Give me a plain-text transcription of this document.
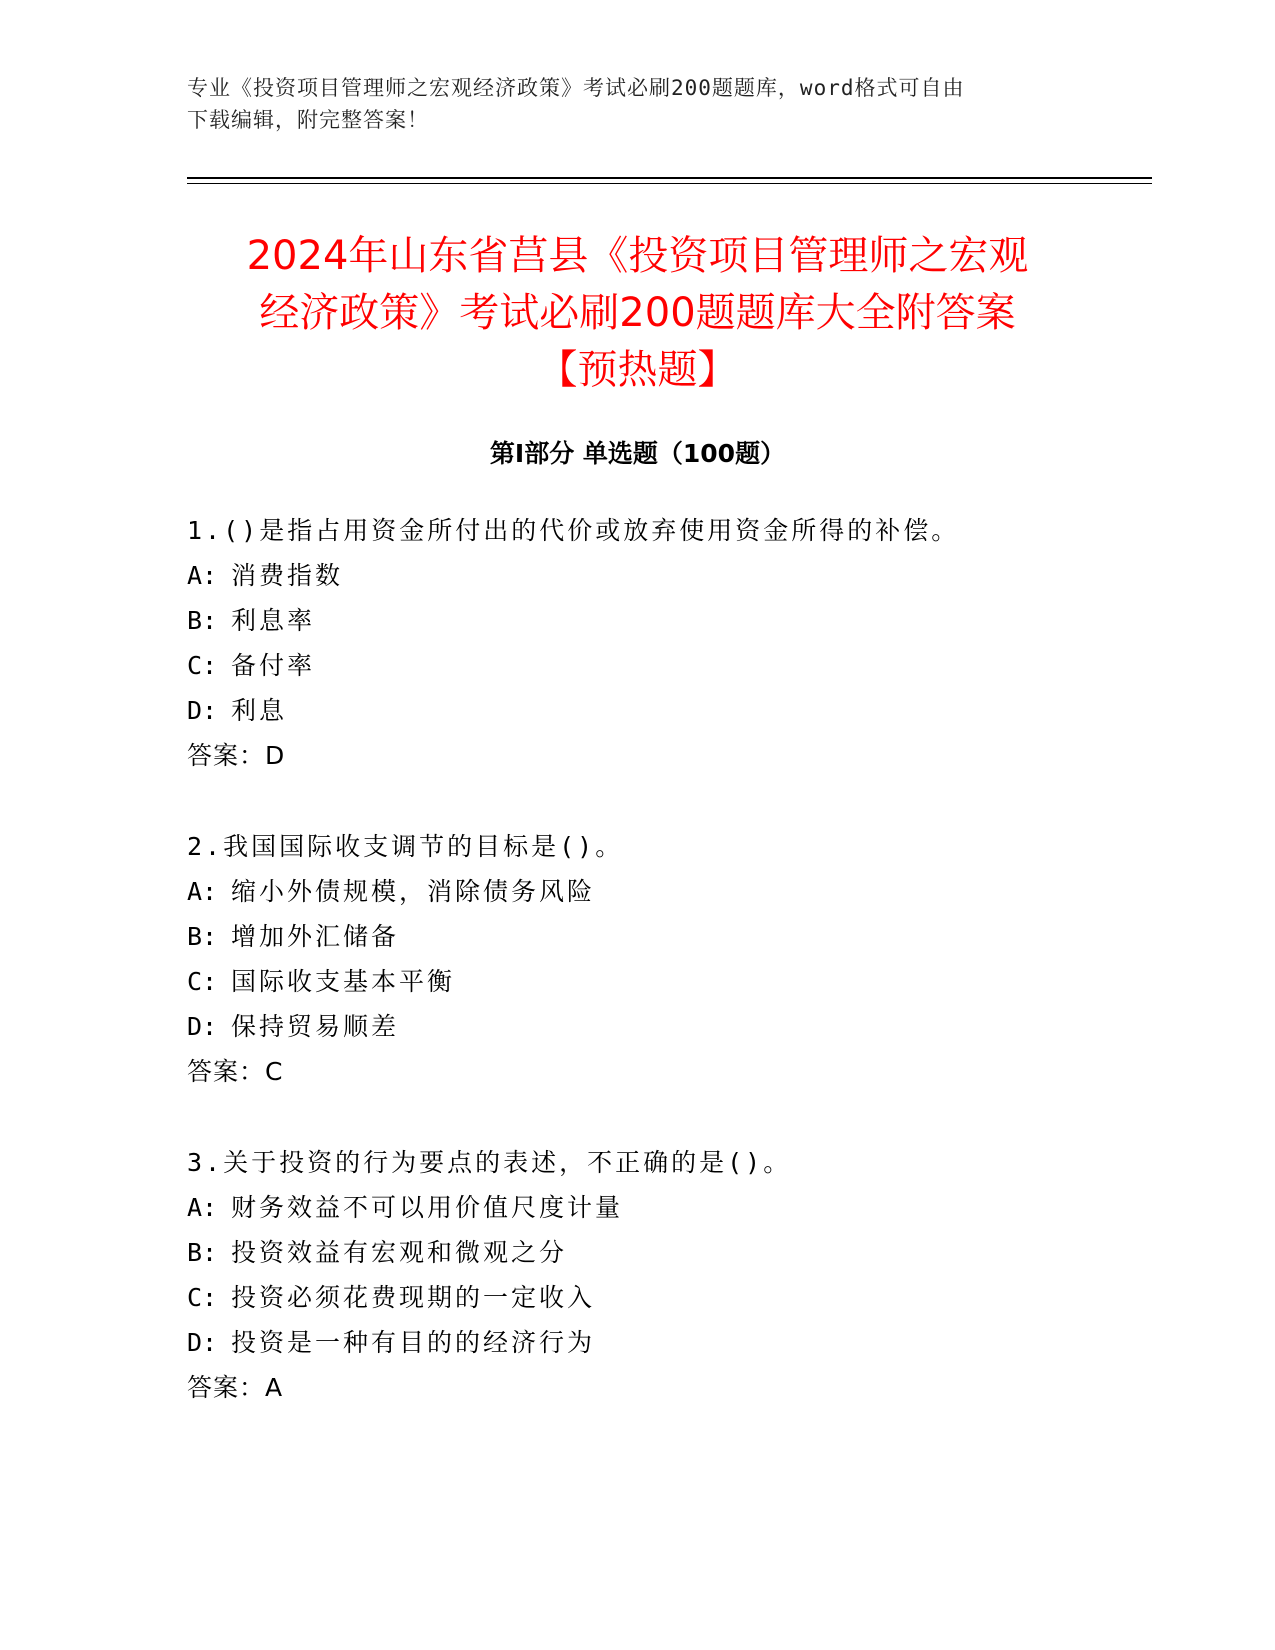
专业《投资项目管理师之宏观经济政策》考试必刷200题题库，word格式可自由
下载编辑，附完整答案！
2024年山东省莒县《投资项目管理师之宏观
经济政策》考试必刷200题题库大全附答案
【预热题】
第Ⅰ部分 单选题（100题）
1.()是指占用资金所付出的代价或放弃使用资金所得的补偿。
A: 消费指数
B: 利息率
C: 备付率
D: 利息
答案：D
2.我国国际收支调节的目标是()。
A: 缩小外债规模，消除债务风险
B: 增加外汇储备
C: 国际收支基本平衡
D: 保持贸易顺差
答案：C
3.关于投资的行为要点的表述，不正确的是()。
A: 财务效益不可以用价值尺度计量
B: 投资效益有宏观和微观之分
C: 投资必须花费现期的一定收入
D: 投资是一种有目的的经济行为
答案：A
